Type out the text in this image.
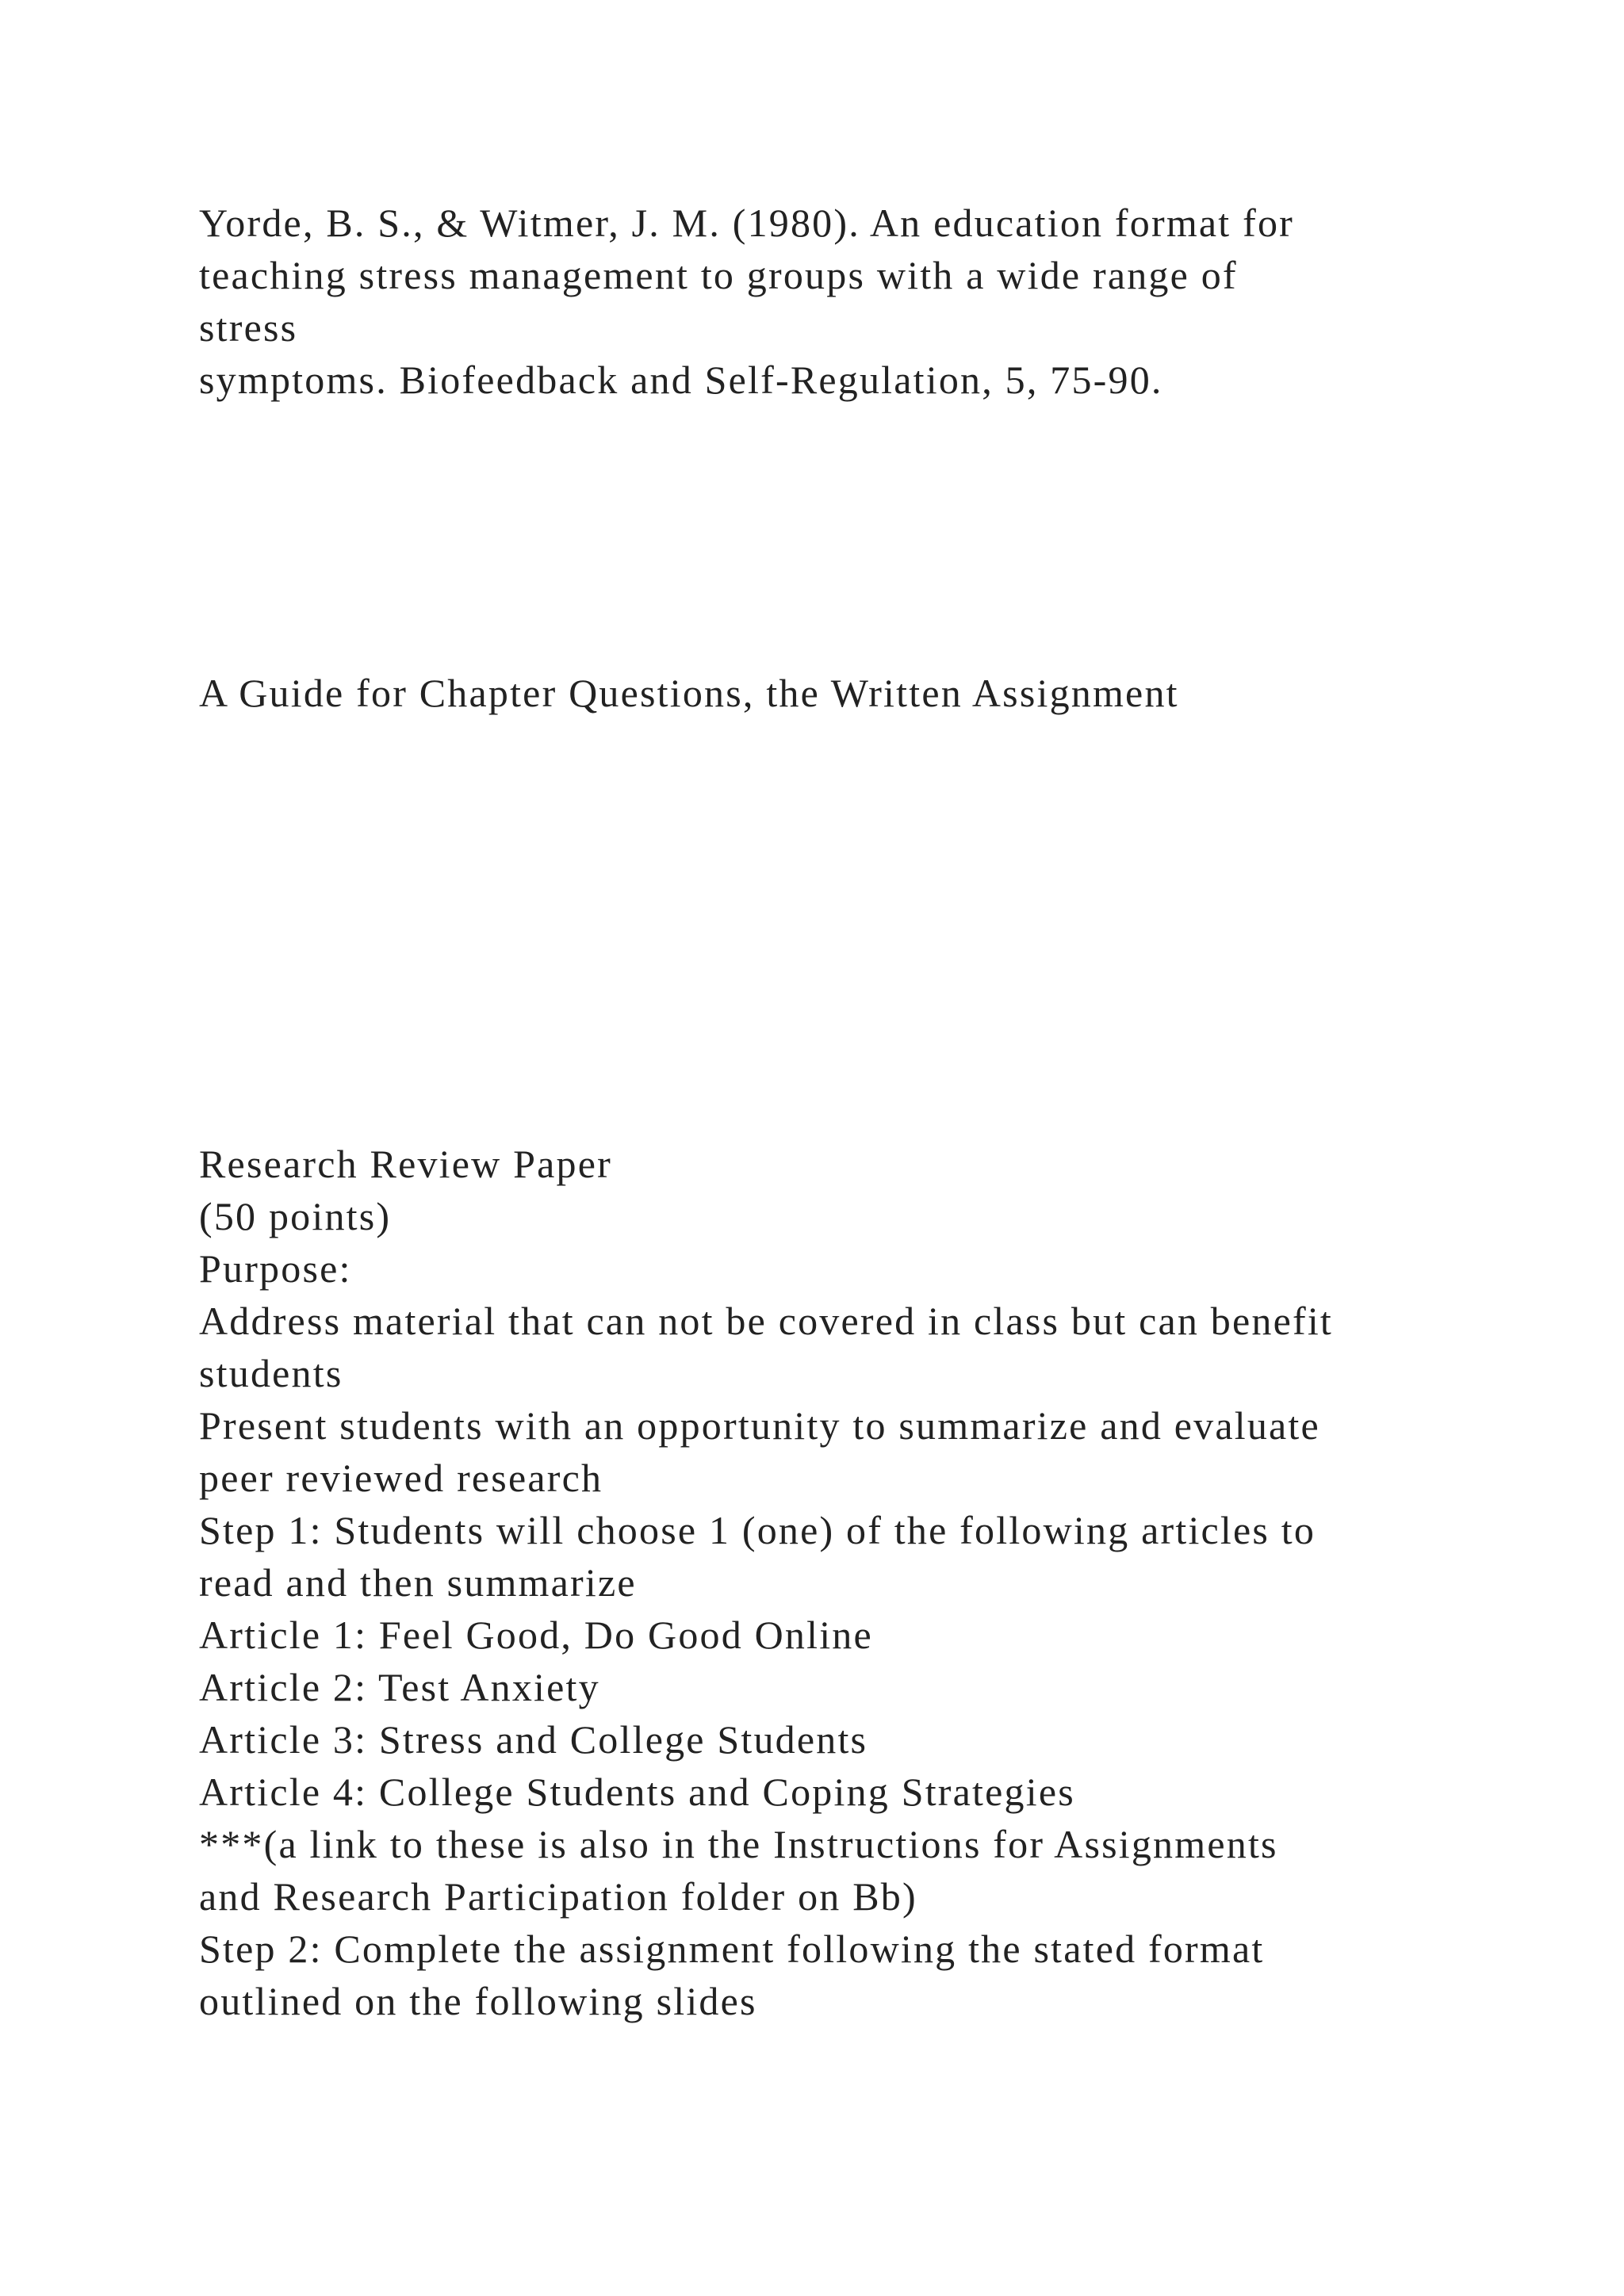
Yorde, B. S., & Witmer, J. M. (1980). An education format for
teaching stress management to groups with a wide range of
stress
symptoms. Biofeedback and Self-Regulation, 5, 75-90.
A Guide for Chapter Questions, the Written Assignment
Research Review Paper
(50 points)
Purpose:
Address material that can not be covered in class but can benefit
students
Present students with an opportunity to summarize and evaluate
peer reviewed research
Step 1: Students will choose 1 (one) of the following articles to
read and then summarize
Article 1: Feel Good, Do Good Online
Article 2: Test Anxiety
Article 3: Stress and College Students
Article 4: College Students and Coping Strategies
***(a link to these is also in the Instructions for Assignments
and Research Participation folder on Bb)
Step 2: Complete the assignment following the stated format
outlined on the following slides
